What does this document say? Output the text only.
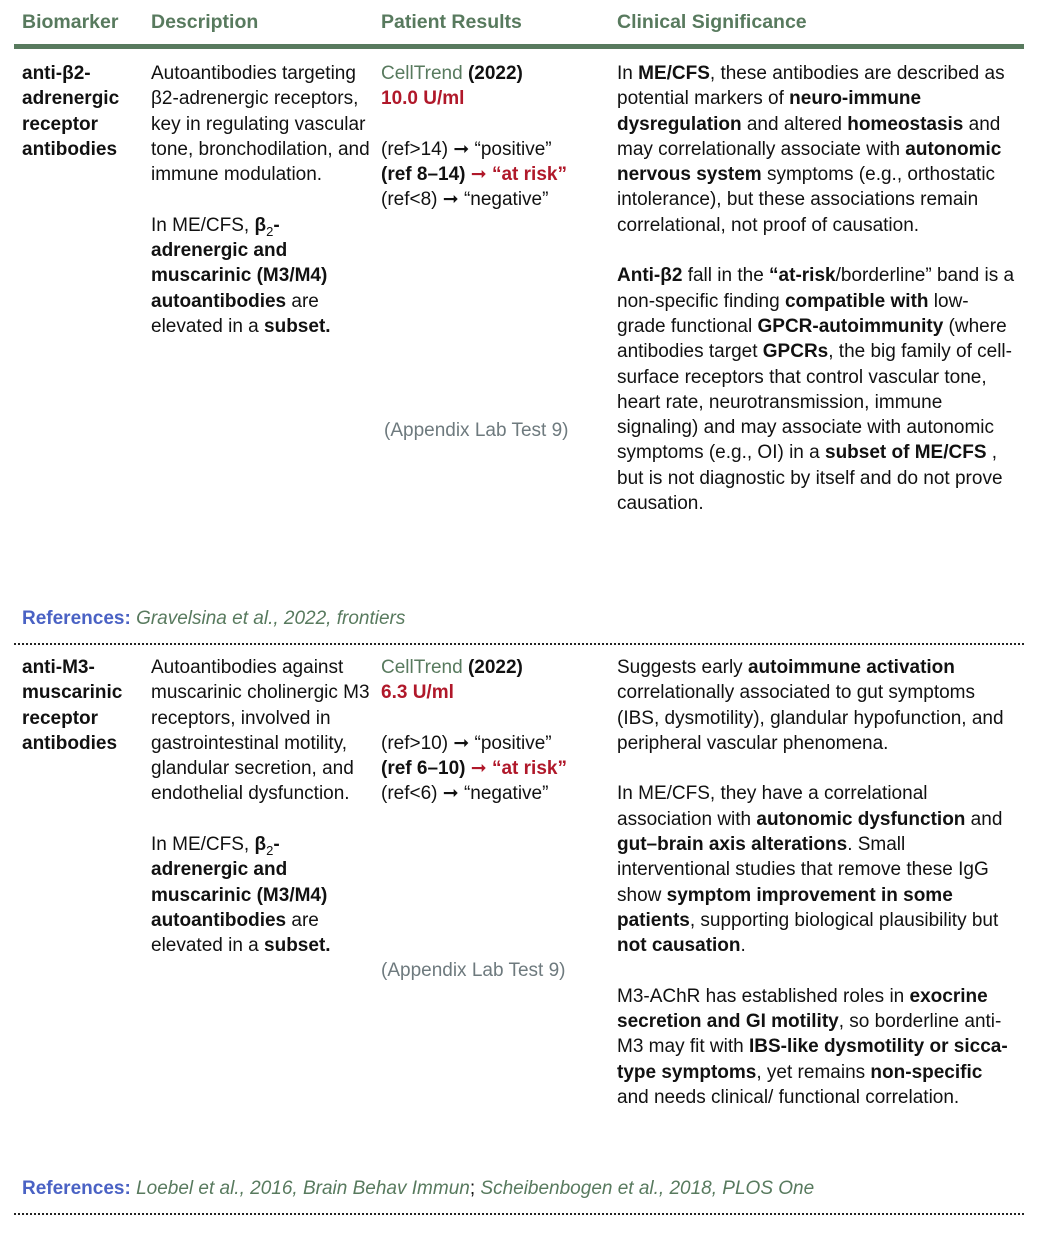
Biomarker Description	Patient Results	Clinical Significance
anti-β2-adrenergic receptor antibodies

Autoantibodies targeting β2-adrenergic receptors, key in regulating vascular tone, bronchodilation, and immune modulation.

In ME/CFS, $\beta_2$-adrenergic and muscarinic (M3/M4) autoantibodies are elevated in a subset.

CellTrend (2022)
10.0 U/ml
(ref>14) ➞ “positive”
(ref 8–14) ➞ “at risk”
(ref<8) ➞ “negative”
(Appendix Lab Test 9)

In ME/CFS, these antibodies are described as potential markers of neuro-immune dysregulation and altered homeostasis and may correlationally associate with autonomic nervous system symptoms (e.g., orthostatic intolerance), but these associations remain correlational, not proof of causation.

Anti-β2 fall in the “at-risk/borderline” band is a non-specific finding compatible with low-grade functional GPCR-autoimmunity (where antibodies target GPCRs, the big family of cell-surface receptors that control vascular tone, heart rate, neurotransmission, immune signaling) and may associate with autonomic symptoms (e.g., OI) in a subset of ME/CFS , but is not diagnostic by itself and do not prove causation.

References: Gravelsina et al., 2022, frontiers
anti-M3-muscarinic receptor antibodies

Autoantibodies against muscarinic cholinergic M3 receptors, involved in gastrointestinal motility, glandular secretion, and endothelial dysfunction.

In ME/CFS, $\beta_2$-adrenergic and muscarinic (M3/M4) autoantibodies are elevated in a subset.

CellTrend (2022)
6.3 U/ml
(ref>10) ➞ “positive”
(ref 6–10) ➞ “at risk”
(ref<6) ➞ “negative”
(Appendix Lab Test 9)

Suggests early autoimmune activation correlationally associated to gut symptoms (IBS, dysmotility), glandular hypofunction, and peripheral vascular phenomena.

In ME/CFS, they have a correlational association with autonomic dysfunction and gut–brain axis alterations. Small interventional studies that remove these IgG show symptom improvement in some patients, supporting biological plausibility but not causation.

M3-AChR has established roles in exocrine secretion and GI motility, so borderline anti-M3 may fit with IBS-like dysmotility or sicca-type symptoms, yet remains non-specific and needs clinical/ functional correlation.

References: Loebel et al., 2016, Brain Behav Immun; Scheibenbogen et al., 2018, PLOS One
